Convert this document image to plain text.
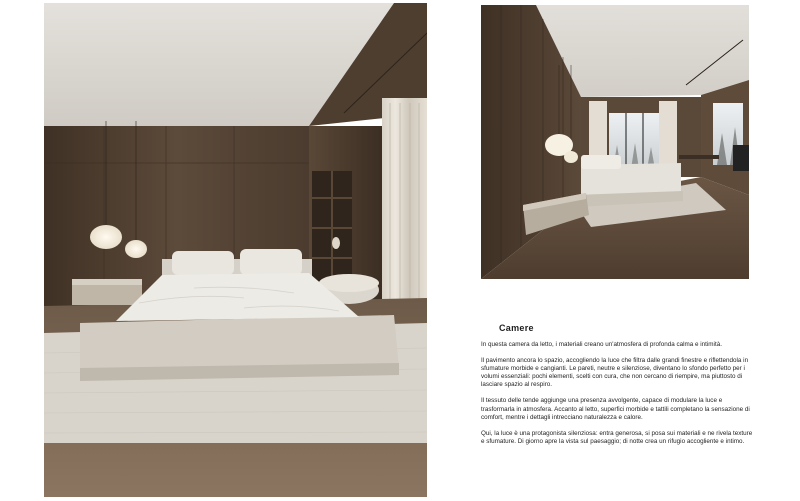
Camere

In questa camera da letto, i materiali creano un'atmosfera di profonda calma e intimità.

Il pavimento ancora lo spazio, accogliendo la luce che filtra dalle grandi finestre e riflettendola in sfumature morbide e cangianti. Le pareti, neutre e silenziose, diventano lo sfondo perfetto per i volumi essenziali: pochi elementi, scelti con cura, che non cercano di riempire, ma piuttosto di lasciare spazio al respiro.

Il tessuto delle tende aggiunge una presenza avvolgente, capace di modulare la luce e trasformarla in atmosfera. Accanto al letto, superfici morbide e tattili completano la sensazione di comfort, mentre i dettagli intrecciano naturalezza e calore.

Qui, la luce è una protagonista silenziosa: entra generosa, si posa sui materiali e ne rivela texture e sfumature. Di giorno apre la vista sul paesaggio; di notte crea un rifugio accogliente e intimo.
